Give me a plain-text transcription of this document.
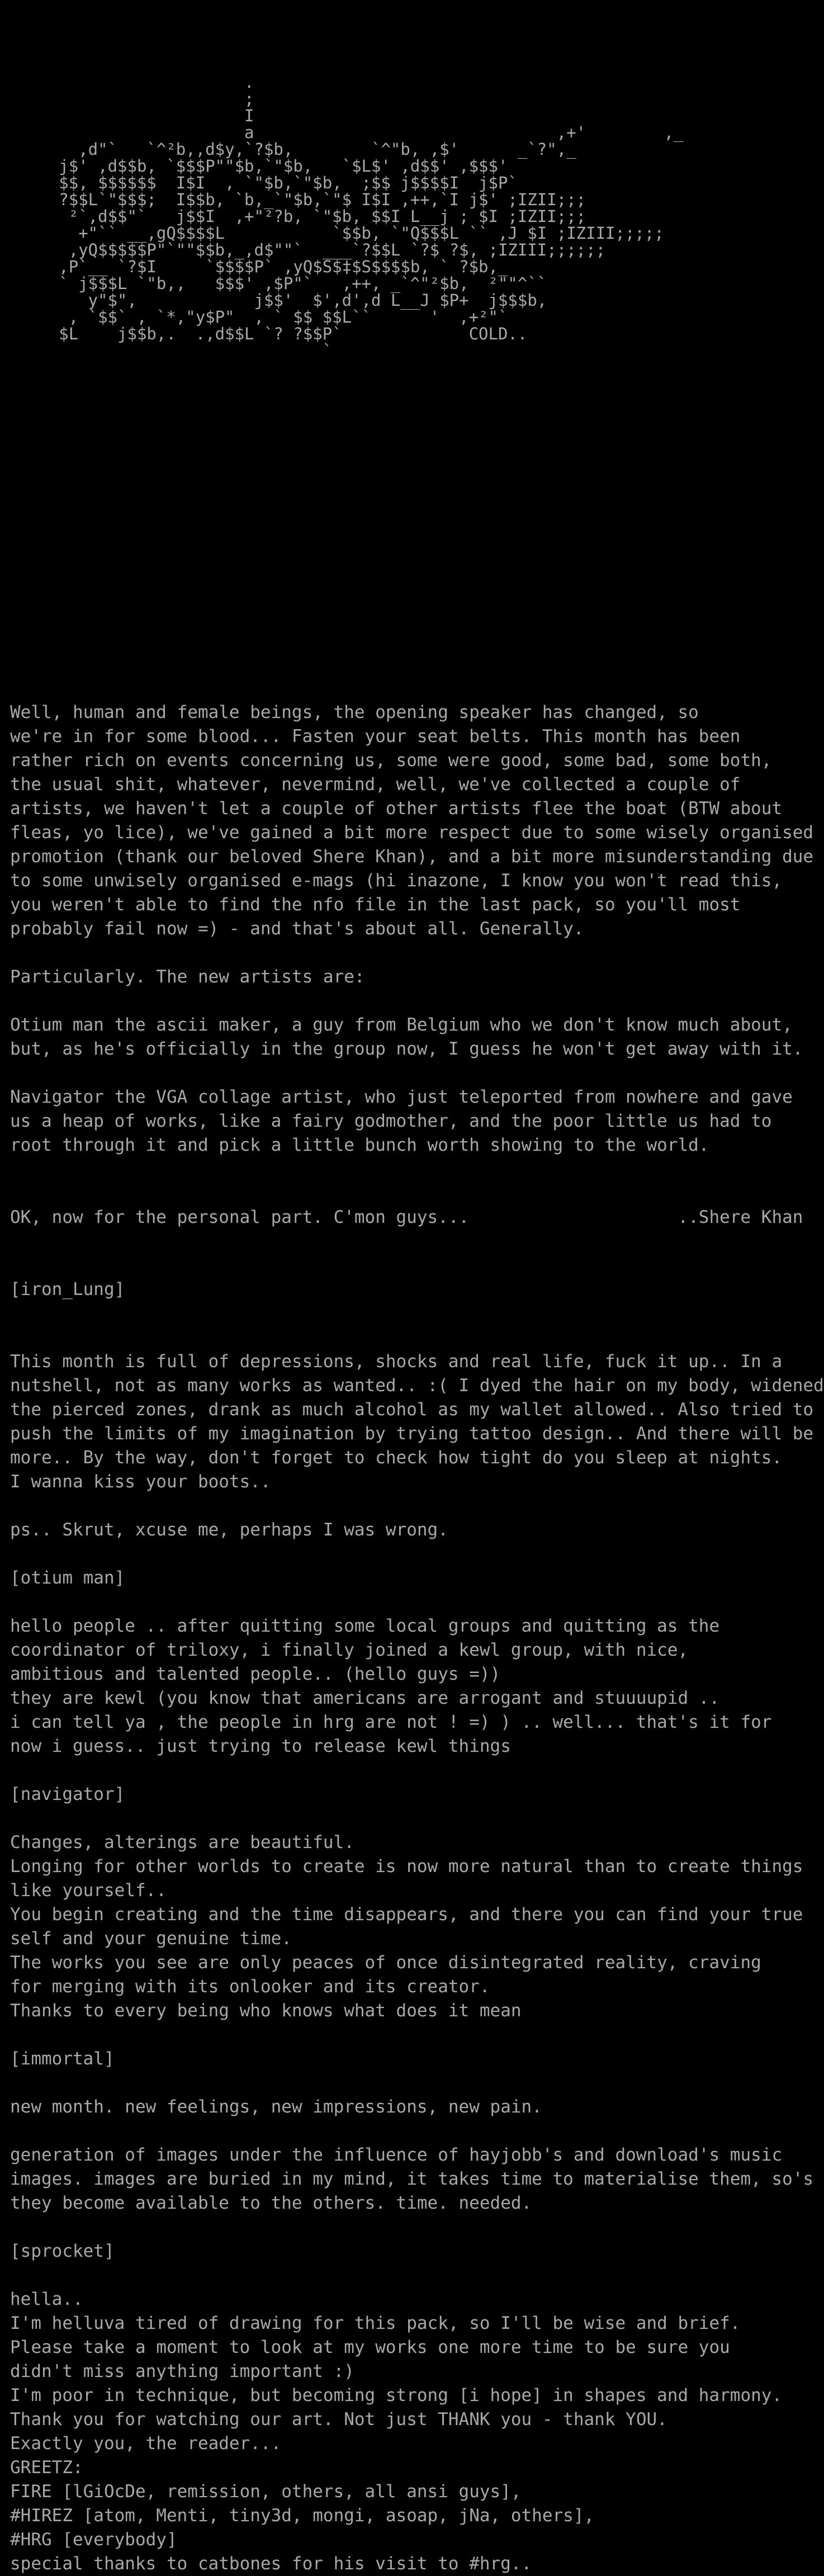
.
;
I
a                               ,+'        ,_
,d"`   `^²b,,d$y,`?$b,        `^"b, ,$'      _`?",_
j$' ,d$$b, `$$$P""$b,`"$b,   `$L$' ,d$$' ,$$$'
$$, $$$$$$  I$I  , `"$b,`"$b,  ;$$ j$$$$I  j$P`
?$$L`"$$$;  I$$b, `b,_`"$b,`"$ I$I ,++,`I j$' ;IZII;;;
²`,d$$"`   j$$I  ,+"²?b, `"$b, $$I L__j ; $I ;IZII;;;
+"`` __,gQ$$$$L           `$$b, `"Q$$$L `` ,J $I ;IZIII;;;;;
,yQ$$$$$P"`""$$b,_,d$""`  ___`?$$L `?$ ?$, ;IZIII;;;;;;
,P`__ `?$I     `$$$$P` ,yQ$S$‡$S$$$$b, ` ?$b,_
` j$$$L `"b,,   $$$' ,$P"`   ,++, _`^"²$b,  ²""^``
y"$",            j$$'  $',d',d L__J $P+  j$$$b,
, `$$` , `*,"y$P"  , ` $$ $$L``      '  ,+²"`
$L    j$$b,.  .,d$$L `? ?$$P`             COLD..
`
Well, human and female beings, the opening speaker has changed, so
we're in for some blood... Fasten your seat belts. This month has been
rather rich on events concerning us, some were good, some bad, some both,
the usual shit, whatever, nevermind, well, we've collected a couple of
artists, we haven't let a couple of other artists flee the boat (BTW about
fleas, yo lice), we've gained a bit more respect due to some wisely organised
promotion (thank our beloved Shere Khan), and a bit more misunderstanding due
to some unwisely organised e-mags (hi inazone, I know you won't read this,
you weren't able to find the nfo file in the last pack, so you'll most
probably fail now =) - and that's about all. Generally.

Particularly. The new artists are:

Otium man the ascii maker, a guy from Belgium who we don't know much about,
but, as he's officially in the group now, I guess he won't get away with it.

Navigator the VGA collage artist, who just teleported from nowhere and gave
us a heap of works, like a fairy godmother, and the poor little us had to
root through it and pick a little bunch worth showing to the world.

OK, now for the personal part. C'mon guys...                    ..Shere Khan

[iron_Lung]

This month is full of depressions, shocks and real life, fuck it up.. In a
nutshell, not as many works as wanted.. :( I dyed the hair on my body, widened
the pierced zones, drank as much alcohol as my wallet allowed.. Also tried to
push the limits of my imagination by trying tattoo design.. And there will be
more.. By the way, don't forget to check how tight do you sleep at nights.
I wanna kiss your boots..

ps.. Skrut, xcuse me, perhaps I was wrong.

[otium man]

hello people .. after quitting some local groups and quitting as the
coordinator of triloxy, i finally joined a kewl group, with nice,
ambitious and talented people.. (hello guys =))
they are kewl (you know that americans are arrogant and stuuuupid ..
i can tell ya , the people in hrg are not ! =) ) .. well... that's it for
now i guess.. just trying to release kewl things

[navigator]

Changes, alterings are beautiful.
Longing for other worlds to create is now more natural than to create things
like yourself..
You begin creating and the time disappears, and there you can find your true
self and your genuine time.
The works you see are only peaces of once disintegrated reality, craving
for merging with its onlooker and its creator.
Thanks to every being who knows what does it mean

[immortal]

new month. new feelings, new impressions, new pain.

generation of images under the influence of hayjobb's and download's music
images. images are buried in my mind, it takes time to materialise them, so's
they become available to the others. time. needed.

[sprocket]

hella..
I'm helluva tired of drawing for this pack, so I'll be wise and brief.
Please take a moment to look at my works one more time to be sure you
didn't miss anything important :)
I'm poor in technique, but becoming strong [i hope] in shapes and harmony.
Thank you for watching our art. Not just THANK you - thank YOU.
Exactly you, the reader...
GREETZ:
FIRE [lGiOcDe, remission, others, all ansi guys],
#HIREZ [atom, Menti, tiny3d, mongi, asoap, jNa, others],
#HRG [everybody]
special thanks to catbones for his visit to #hrg..
